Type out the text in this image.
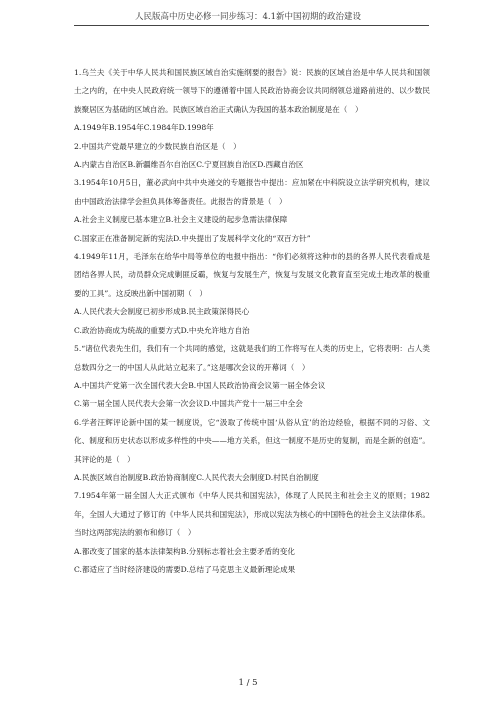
人民版高中历史必修一同步练习：4.1新中国初期的政治建设

1.乌兰夫《关于中华人民共和国民族区域自治实施纲要的报告》说：民族的区域自治是中华人民共和国领土之内的，在中央人民政府统一领导下的遵循着中国人民政治协商会议共同纲领总道路前进的、以少数民族聚居区为基础的区域自治。民族区域自治正式确认为我国的基本政治制度是在（　）

A.1949年B.1954年C.1984年D.1998年

2.中国共产党最早建立的少数民族自治区是（　）

A.内蒙古自治区B.新疆维吾尔自治区C.宁夏回族自治区D.西藏自治区

3.1954年10月5日，董必武向中共中央递交的专题报告中提出：应加紧在中科院设立法学研究机构，建议由中国政治法律学会担负具体筹备责任。此报告的背景是（　）

A.社会主义制度已基本建立B.社会主义建设的起步急需法律保障

C.国家正在准备制定新的宪法D.中央提出了发展科学文化的“双百方针”

4.1949年11月，毛泽东在给华中局等单位的电报中指出：“你们必须将这种市的县的各界人民代表看成是团结各界人民，动员群众完成剿匪反霸，恢复与发展生产，恢复与发展文化教育直至完成土地改革的极重要的工具”。这反映出新中国初期（　）

A.人民代表大会制度已初步形成B.民主政策深得民心

C.政治协商成为统战的重要方式D.中央允许地方自治

5.“诸位代表先生们，我们有一个共同的感觉，这就是我们的工作将写在人类的历史上，它将表明：占人类总数四分之一的中国人从此站立起来了。”这是哪次会议的开幕词（　）

A.中国共产党第一次全国代表大会B.中国人民政治协商会议第一届全体会议

C.第一届全国人民代表大会第一次会议D.中国共产党十一届三中全会

6.学者汪辉评论新中国的某一制度说，它“汲取了传统中国‘从俗从宜’的治边经验，根据不同的习俗、文化、制度和历史状态以形成多样性的中央——地方关系，但这一制度不是历史的复制，而是全新的创造”。其评论的是（　）

A.民族区域自治制度B.政治协商制度C.人民代表大会制度D.村民自治制度

7.1954年第一届全国人大正式颁布《中华人民共和国宪法》，体现了人民民主和社会主义的原则；1982年，全国人大通过了修订的《中华人民共和国宪法》，形成以宪法为核心的中国特色的社会主义法律体系。当时这两部宪法的颁布和修订（　）

A.都改变了国家的基本法律架构B.分别标志着社会主要矛盾的变化

C.都适应了当时经济建设的需要D.总结了马克思主义最新理论成果

1 / 5
